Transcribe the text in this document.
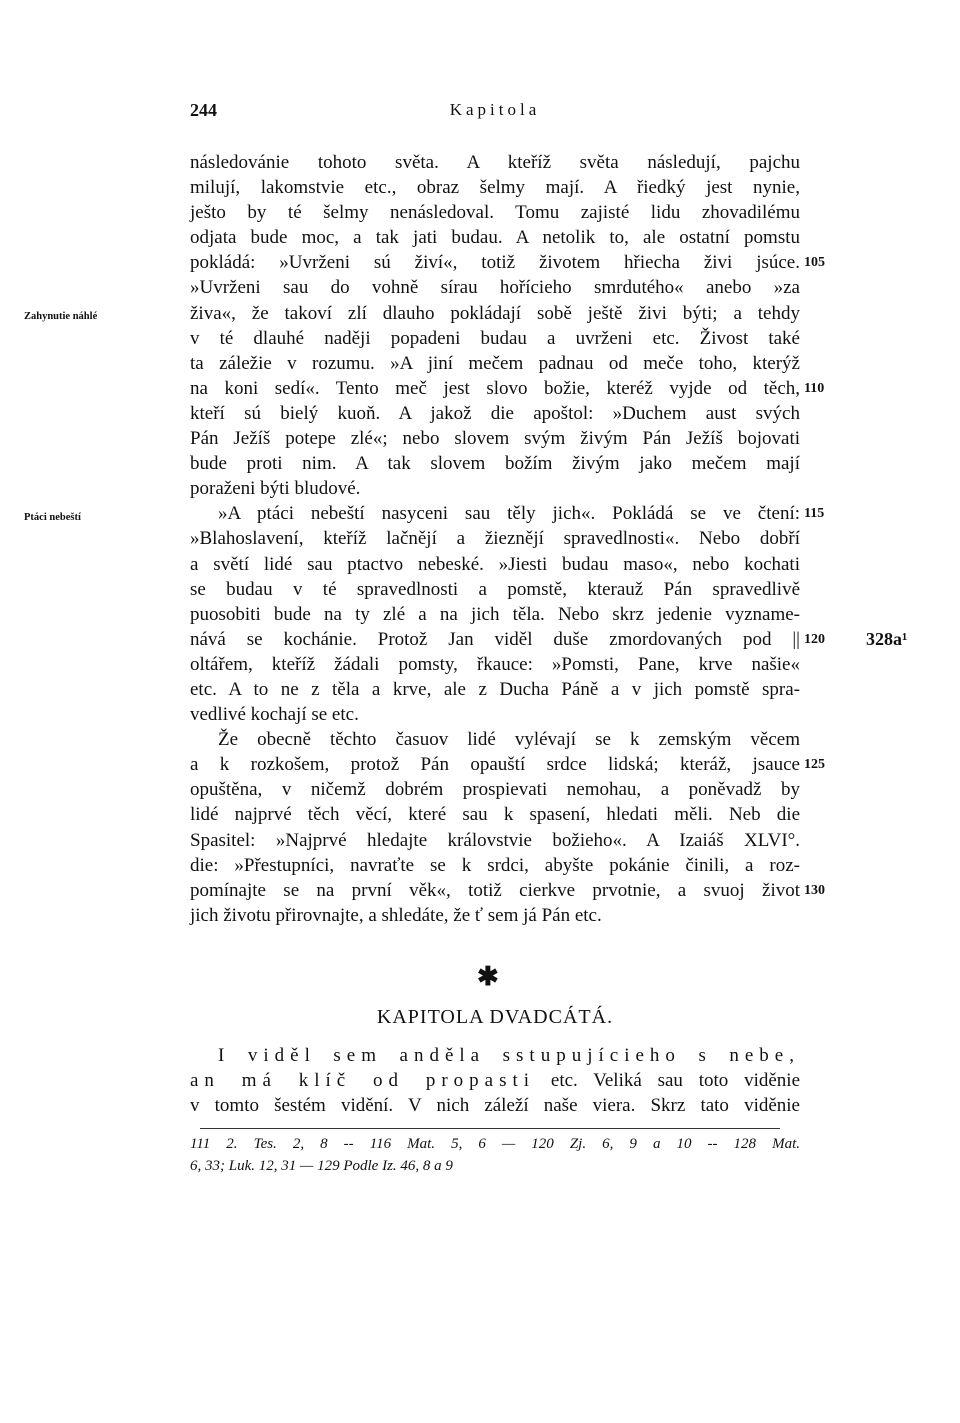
244	Kapitola
Zahynutie náhlé
Ptáci nebeští
následovánie tohoto světa. A kteříž světa následují, pajchu
milují, lakomstvie etc., obraz šelmy mají. A řiedký jest nynie,
ješto by té šelmy nenásledoval. Tomu zajisté lidu zhovadilému
odjata bude moc, a tak jati budau. A netolik to, ale ostatní pomstu
pokládá: »Uvrženi sú živí«, totiž životem hřiecha živi jsúce. 105
»Uvrženi sau do vohně sírau hořícieho smrdutého« anebo »za
živa«, že takoví zlí dlauho pokládají sobě ještě živi býti; a tehdy
v té dlauhé naději popadeni budau a uvrženi etc. Živost také
ta záležie v rozumu. »A jiní mečem padnau od meče toho, kterýž
na koni sedí«. Tento meč jest slovo božie, kteréž vyjde od těch, 110
kteří sú bielý kuoň. A jakož die apoštol: »Duchem aust svých
Pán Ježíš potepe zlé«; nebo slovem svým živým Pán Ježíš bojovati
bude proti nim. A tak slovem božím živým jako mečem mají
poraženi býti bludové.
»A ptáci nebeští nasyceni sau těly jich«. Pokládá se ve čtení: 115
»Blahoslavení, kteříž lačnějí a žieznějí spravedlnosti«. Nebo dobří
a světí lidé sau ptactvo nebeské. »Jiesti budau maso«, nebo kochati
se budau v té spravedlnosti a pomstě, kterauž Pán spravedlivě
puosobiti bude na ty zlé a na jich těla. Nebo skrz jedenie vyzname-
nává se kochánie. Protož Jan viděl duše zmordovaných pod || 120 328a¹
oltářem, kteříž žádali pomsty, řkauce: »Pomsti, Pane, krve našie«
etc. A to ne z těla a krve, ale z Ducha Páně a v jich pomstě spra-
vedlivé kochají se etc.
Že obecně těchto časuov lidé vylévají se k zemským věcem
a k rozkošem, protož Pán opauští srdce lidská; kteráž, jsauce 125
opuštěna, v ničemž dobrém prospievati nemohau, a poněvadž by
lidé najprvé těch věcí, které sau k spasení, hledati měli. Neb die
Spasitel: »Najprvé hledajte královstvie božieho«. A Izaiáš XLVI°.
die: »Přestupníci, navraťte se k srdci, abyšte pokánie činili, a roz-
pomínajte se na první věk«, totiž cierkve prvotnie, a svuoj život 130
jich životu přirovnajte, a shledáte, že ť sem já Pán etc.
✱
KAPITOLA DVADCÁTÁ.
I viděl sem anděla sstupujícieho s nebe,
an má klíč od propasti etc. Veliká sau toto viděnie
v tomto šestém vidění. V nich záleží naše viera. Skrz tato viděnie
111 2. Tes. 2, 8 -- 116 Mat. 5, 6 — 120 Zj. 6, 9 a 10 -- 128 Mat.
6, 33; Luk. 12, 31 — 129 Podle Iz. 46, 8 a 9
